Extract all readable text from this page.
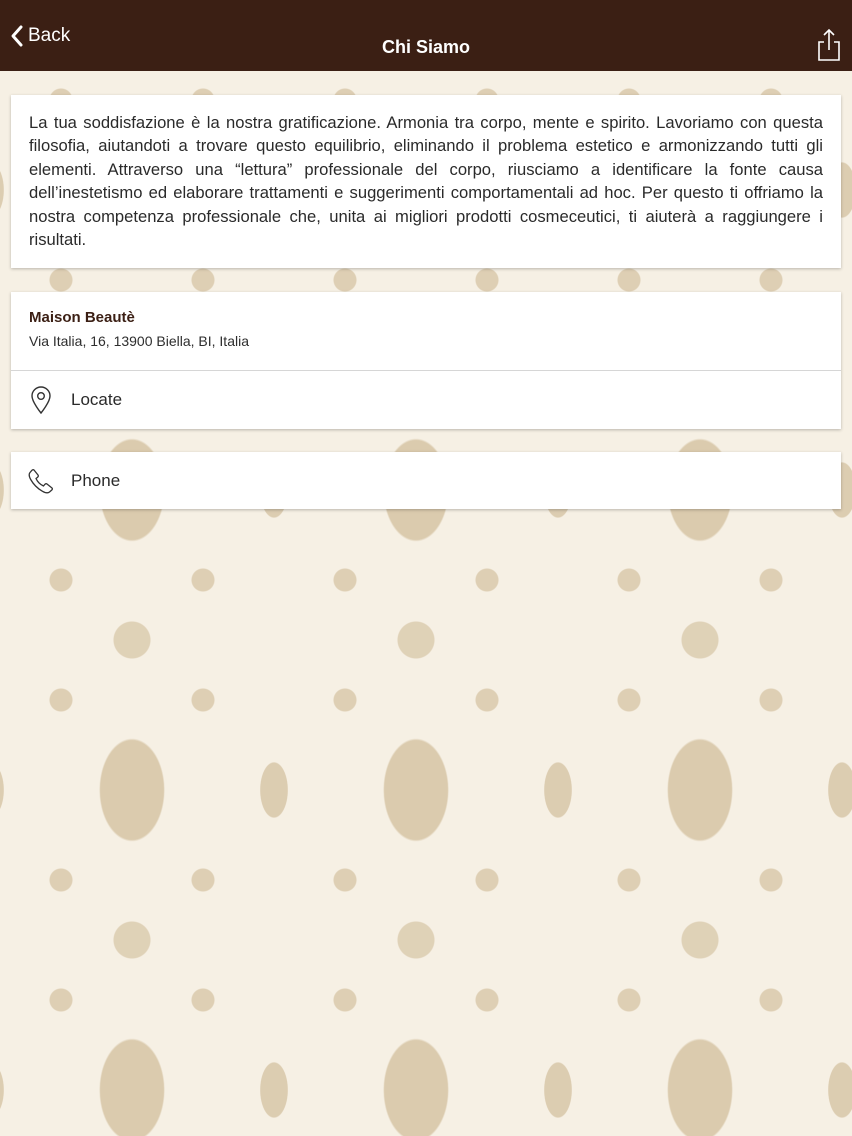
Back
Chi Siamo

La tua soddisfazione è la nostra gratificazione. Armonia tra corpo, mente e spirito. Lavoriamo con questa filosofia, aiutandoti a trovare questo equilibrio, eliminando il problema estetico e armonizzando tutti gli elementi. Attraverso una “lettura” professionale del corpo, riusciamo a identificare la fonte causa dell’inestetismo ed elaborare trattamenti e suggerimenti comportamentali ad hoc. Per questo ti offriamo la nostra competenza professionale che, unita ai migliori prodotti cosmeceutici, ti aiuterà a raggiungere i risultati.

Maison Beautè
Via Italia, 16, 13900 Biella, BI, Italia
Locate
Phone
